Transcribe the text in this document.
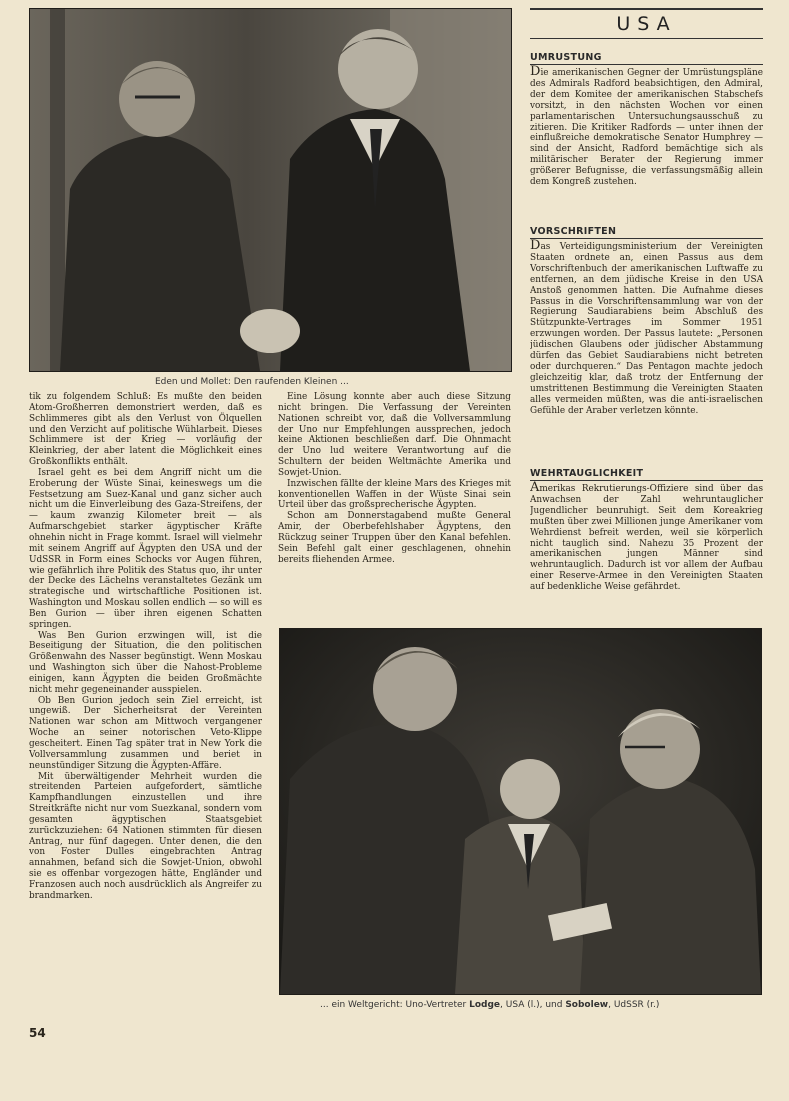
Eden und Mollet: Den raufenden Kleinen ...

tik zu folgendem Schluß: Es mußte den beiden Atom-Großherren demonstriert werden, daß es Schlimmeres gibt als den Verlust von Ölquellen und den Verzicht auf politische Wühlarbeit. Dieses Schlimmere ist der Krieg — vorläufig der Kleinkrieg, der aber latent die Möglichkeit eines Großkonflikts enthält.

Israel geht es bei dem Angriff nicht um die Eroberung der Wüste Sinai, keineswegs um die Festsetzung am Suez-Kanal und ganz sicher auch nicht um die Einverleibung des Gaza-Streifens, der — kaum zwanzig Kilometer breit — als Aufmarschgebiet starker ägyptischer Kräfte ohnehin nicht in Frage kommt. Israel will vielmehr mit seinem Angriff auf Ägypten den USA und der UdSSR in Form eines Schocks vor Augen führen, wie gefährlich ihre Politik des Status quo, ihr unter der Decke des Lächelns veranstaltetes Gezänk um strategische und wirtschaftliche Positionen ist. Washington und Moskau sollen endlich — so will es Ben Gurion — über ihren eigenen Schatten springen.

Was Ben Gurion erzwingen will, ist die Beseitigung der Situation, die den politischen Größenwahn des Nasser begünstigt. Wenn Moskau und Washington sich über die Nahost-Probleme einigen, kann Ägypten die beiden Großmächte nicht mehr gegeneinander ausspielen.

Ob Ben Gurion jedoch sein Ziel erreicht, ist ungewiß. Der Sicherheitsrat der Vereinten Nationen war schon am Mittwoch vergangener Woche an seiner notorischen Veto-Klippe gescheitert. Einen Tag später trat in New York die Vollversammlung zusammen und beriet in neunstündiger Sitzung die Ägypten-Affäre.

Mit überwältigender Mehrheit wurden die streitenden Parteien aufgefordert, sämtliche Kampfhandlungen einzustellen und ihre Streitkräfte nicht nur vom Suezkanal, sondern vom gesamten ägyptischen Staatsgebiet zurückzuziehen: 64 Nationen stimmten für diesen Antrag, nur fünf dagegen. Unter denen, die den von Foster Dulles eingebrachten Antrag annahmen, befand sich die Sowjet-Union, obwohl sie es offenbar vorgezogen hätte, Engländer und Franzosen auch noch ausdrücklich als Angreifer zu brandmarken.

Eine Lösung konnte aber auch diese Sitzung nicht bringen. Die Verfassung der Vereinten Nationen schreibt vor, daß die Vollversammlung der Uno nur Empfehlungen aussprechen, jedoch keine Aktionen beschließen darf. Die Ohnmacht der Uno lud weitere Verantwortung auf die Schultern der beiden Weltmächte Amerika und Sowjet-Union.

Inzwischen fällte der kleine Mars des Krieges mit konventionellen Waffen in der Wüste Sinai sein Urteil über das großsprecherische Ägypten.

Schon am Donnerstagabend mußte General Amir, der Oberbefehlshaber Ägyptens, den Rückzug seiner Truppen über den Kanal befehlen. Sein Befehl galt einer geschlagenen, ohnehin bereits fliehenden Armee.

USA
UMRÜSTUNG
Die amerikanischen Gegner der Umrüstungspläne des Admirals Radford beabsichtigen, den Admiral, der dem Komitee der amerikanischen Stabschefs vorsitzt, in den nächsten Wochen vor einen parlamentarischen Untersuchungsausschuß zu zitieren. Die Kritiker Radfords — unter ihnen der einflußreiche demokratische Senator Humphrey — sind der Ansicht, Radford bemächtige sich als militärischer Berater der Regierung immer größerer Befugnisse, die verfassungsmäßig allein dem Kongreß zustehen.
VORSCHRIFTEN
Das Verteidigungsministerium der Vereinigten Staaten ordnete an, einen Passus aus dem Vorschriftenbuch der amerikanischen Luftwaffe zu entfernen, an dem jüdische Kreise in den USA Anstoß genommen hatten. Die Aufnahme dieses Passus in die Vorschriftensammlung war von der Regierung Saudiarabiens beim Abschluß des Stützpunkte-Vertrages im Sommer 1951 erzwungen worden. Der Passus lautete: „Personen jüdischen Glaubens oder jüdischer Abstammung dürfen das Gebiet Saudiarabiens nicht betreten oder durchqueren.“ Das Pentagon machte jedoch gleichzeitig klar, daß trotz der Entfernung der umstrittenen Bestimmung die Vereinigten Staaten alles vermeiden müßten, was die anti-israelischen Gefühle der Araber verletzen könnte.
WEHRTAUGLICHKEIT
Amerikas Rekrutierungs-Offiziere sind über das Anwachsen der Zahl wehruntauglicher Jugendlicher beunruhigt. Seit dem Koreakrieg mußten über zwei Millionen junge Amerikaner vom Wehrdienst befreit werden, weil sie körperlich nicht tauglich sind. Nahezu 35 Prozent der amerikanischen jungen Männer sind wehruntauglich. Dadurch ist vor allem der Aufbau einer Reserve-Armee in den Vereinigten Staaten auf bedenkliche Weise gefährdet.
... ein Weltgericht: Uno-Vertreter Lodge, USA (l.), und Sobolew, UdSSR (r.)
54
